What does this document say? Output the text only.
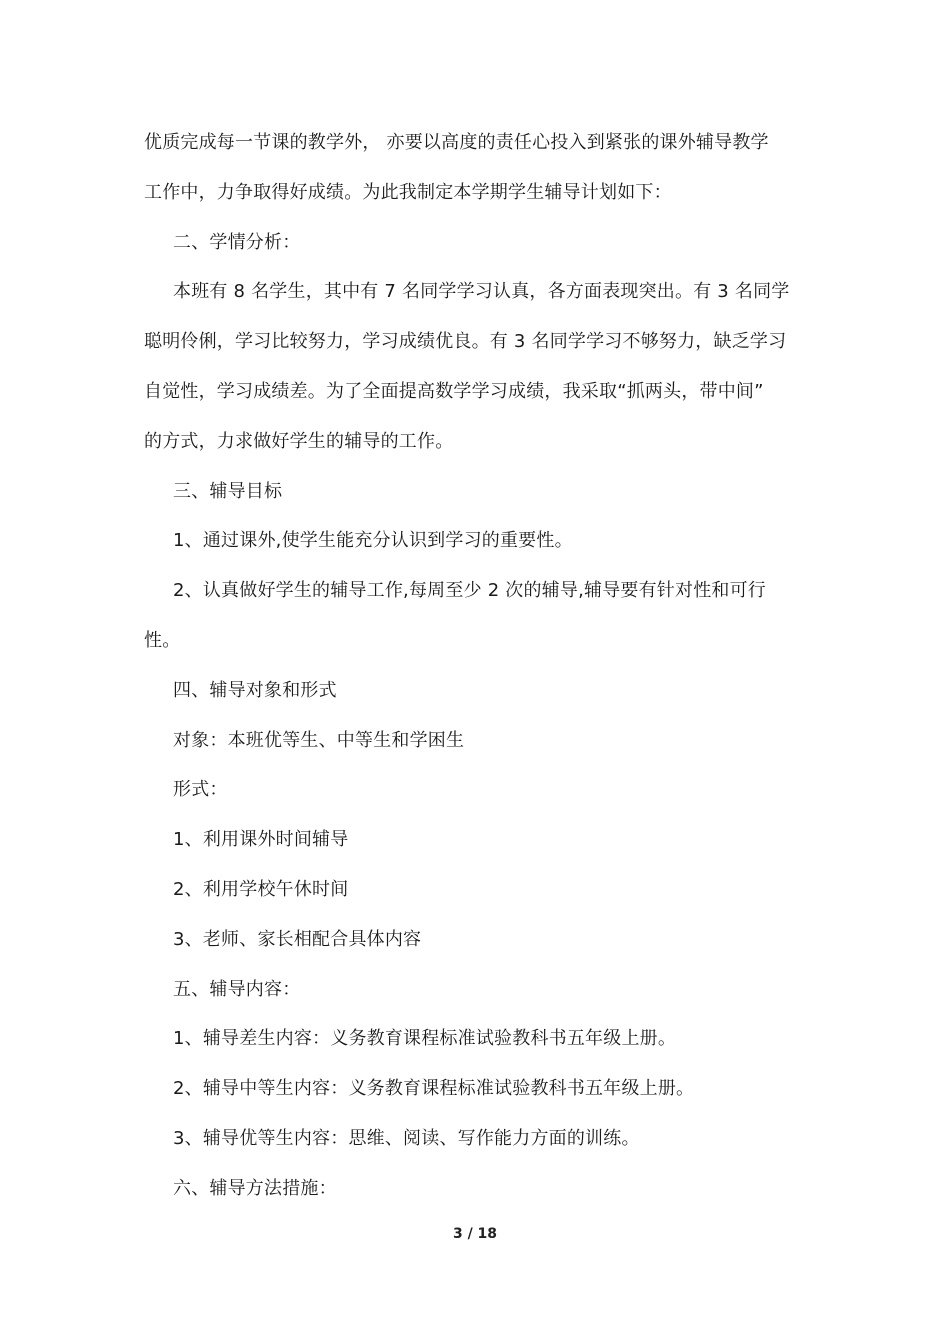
优质完成每一节课的教学外， 亦要以高度的责任心投入到紧张的课外辅导教学
工作中，力争取得好成绩。为此我制定本学期学生辅导计划如下：
二、学情分析：
本班有 8 名学生，其中有 7 名同学学习认真，各方面表现突出。有 3 名同学
聪明伶俐，学习比较努力，学习成绩优良。有 3 名同学学习不够努力，缺乏学习
自觉性，学习成绩差。为了全面提高数学学习成绩，我采取“抓两头，带中间”
的方式，力求做好学生的辅导的工作。
三、辅导目标
1、通过课外,使学生能充分认识到学习的重要性。
2、认真做好学生的辅导工作,每周至少 2 次的辅导,辅导要有针对性和可行
性。
四、辅导对象和形式
对象：本班优等生、中等生和学困生
形式：
1、利用课外时间辅导
2、利用学校午休时间
3、老师、家长相配合具体内容
五、辅导内容：
1、辅导差生内容：义务教育课程标准试验教科书五年级上册。
2、辅导中等生内容：义务教育课程标准试验教科书五年级上册。
3、辅导优等生内容：思维、阅读、写作能力方面的训练。
六、辅导方法措施：
3 / 18
